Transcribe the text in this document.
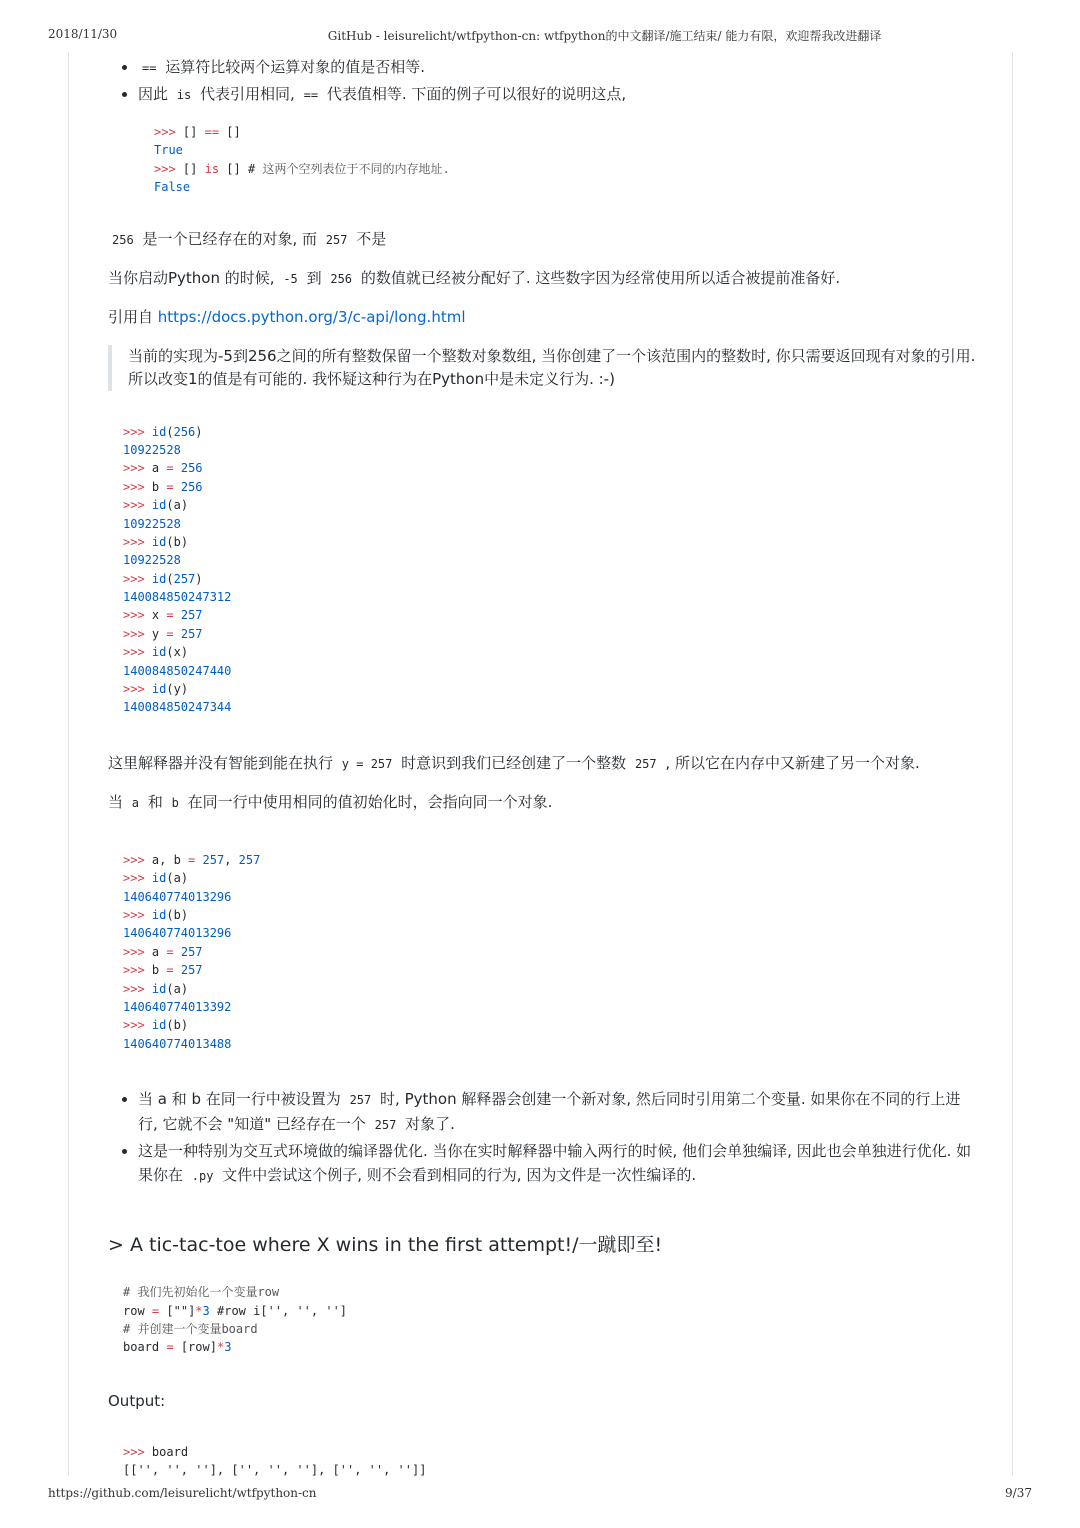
2018/11/30	GitHub - leisurelicht/wtfpython-cn: wtfpython的中文翻译/施工结束/ 能力有限，欢迎帮我改进翻译
• == 运算符比较两个运算对象的值是否相等.
• 因此 is 代表引用相同, == 代表值相等. 下面的例子可以很好的说明这点,
>>> [] == []
True
>>> [] is [] # 这两个空列表位于不同的内存地址.
False

256 是一个已经存在的对象, 而 257 不是

当你启动Python 的时候, -5 到 256 的数值就已经被分配好了. 这些数字因为经常使用所以适合被提前准备好.

引用自 https://docs.python.org/3/c-api/long.html

当前的实现为-5到256之间的所有整数保留一个整数对象数组, 当你创建了一个该范围内的整数时, 你只需要返回现有对象的引用. 所以改变1的值是有可能的. 我怀疑这种行为在Python中是未定义行为. :-)
>>> id(256)
10922528
>>> a = 256
>>> b = 256
>>> id(a)
10922528
>>> id(b)
10922528
>>> id(257)
140084850247312
>>> x = 257
>>> y = 257
>>> id(x)
140084850247440
>>> id(y)
140084850247344

这里解释器并没有智能到能在执行 y = 257 时意识到我们已经创建了一个整数 257 , 所以它在内存中又新建了另一个对象.

当 a 和 b 在同一行中使用相同的值初始化时，会指向同一个对象.

>>> a, b = 257, 257
>>> id(a)
140640774013296
>>> id(b)
140640774013296
>>> a = 257
>>> b = 257
>>> id(a)
140640774013392
>>> id(b)
140640774013488
• 当 a 和 b 在同一行中被设置为 257 时, Python 解释器会创建一个新对象, 然后同时引用第二个变量. 如果你在不同的行上进行, 它就不会 "知道" 已经存在一个 257 对象了.
• 这是一种特别为交互式环境做的编译器优化. 当你在实时解释器中输入两行的时候, 他们会单独编译, 因此也会单独进行优化. 如果你在 .py 文件中尝试这个例子, 则不会看到相同的行为, 因为文件是一次性编译的.
> A tic-tac-toe where X wins in the first attempt!/一蹴即至!
# 我们先初始化一个变量row
row = [""]*3 #row i['', '', '']
# 并创建一个变量board
board = [row]*3

Output:

>>> board
[['', '', ''], ['', '', ''], ['', '', '']]
https://github.com/leisurelicht/wtfpython-cn	9/37
